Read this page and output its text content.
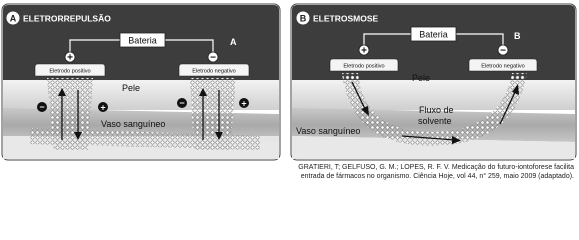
A ELETRORREPULSÃO
Bateria	A
+	−
Eletrodo positivo	Eletrodo negativo
−	+	−	+
Pele
Vaso sanguíneo
B ELETROSMOSE
Bateria	B
+	−
Eletrodo positivo	Eletrodo negativo
Pele
Fluxo de
solvente
Vaso sanguíneo
GRATIERI, T; GELFUSO, G. M.; LOPES, R. F. V. Medicação do futuro-iontoforese facilita
entrada de fármacos no organismo. Ciência Hoje, vol 44, n° 259, maio 2009 (adaptado).
